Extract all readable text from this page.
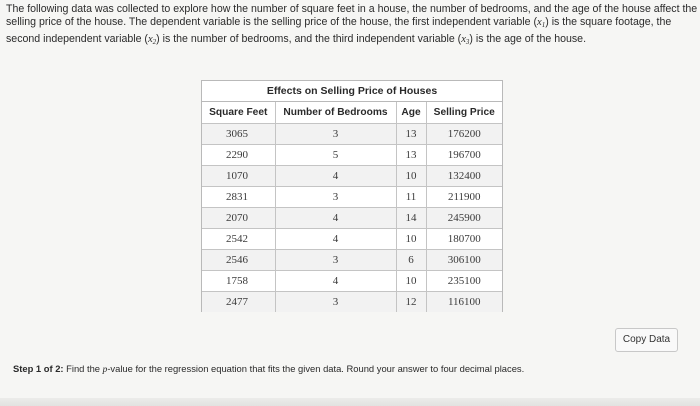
The following data was collected to explore how the number of square feet in a house, the number of bedrooms, and the age of the house affect the selling price of the house. The dependent variable is the selling price of the house, the first independent variable $(x_1)$ is the square footage, the second independent variable $(x_2)$ is the number of bedrooms, and the third independent variable $(x_3)$ is the age of the house.
Effects on Selling Price of Houses
Square Feet	Number of Bedrooms	Age	Selling Price
3065	3	13	176200
2290	5	13	196700
1070	4	10	132400
2831	3	11	211900
2070	4	14	245900
2542	4	10	180700
2546	3	6	306100
1758	4	10	235100
2477	3	12	116100
Copy Data
Step 1 of 2: Find the p-value for the regression equation that fits the given data. Round your answer to four decimal places.
